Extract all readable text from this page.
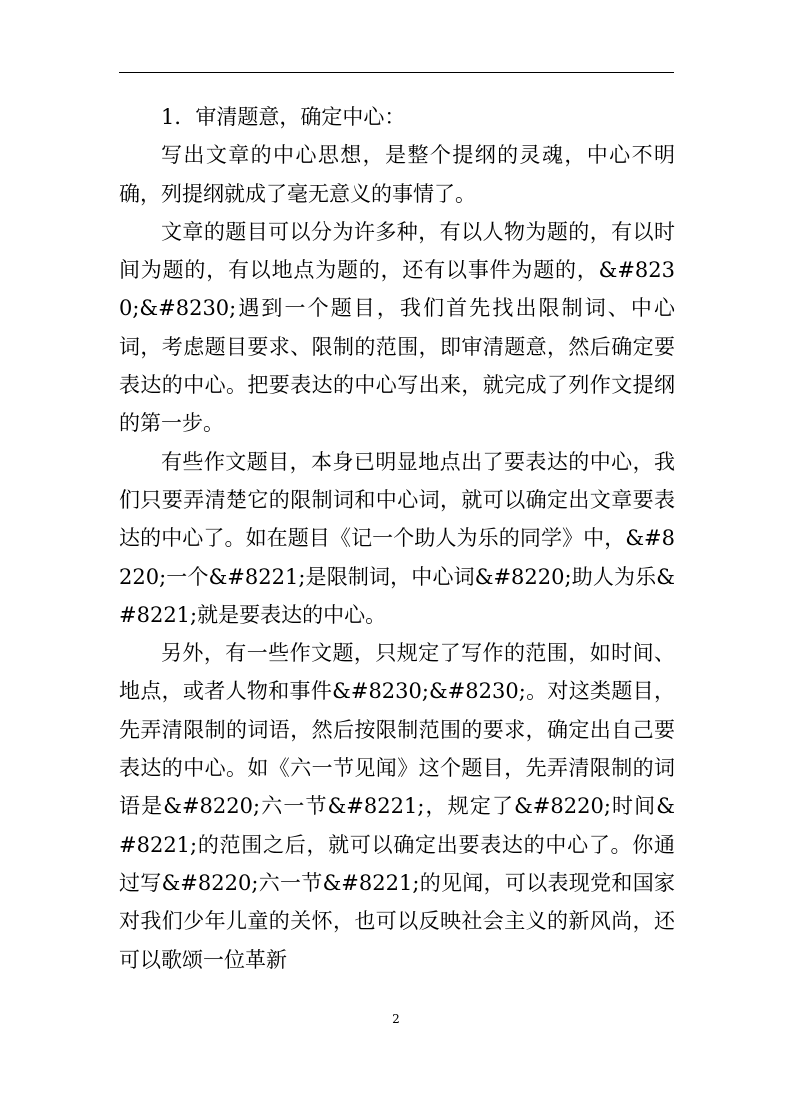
1．审清题意，确定中心：

写出文章的中心思想，是整个提纲的灵魂，中心不明确，列提纲就成了毫无意义的事情了。

文章的题目可以分为许多种，有以人物为题的，有以时间为题的，有以地点为题的，还有以事件为题的，&#8230;&#8230;遇到一个题目，我们首先找出限制词、中心词，考虑题目要求、限制的范围，即审清题意，然后确定要表达的中心。把要表达的中心写出来，就完成了列作文提纲的第一步。

有些作文题目，本身已明显地点出了要表达的中心，我们只要弄清楚它的限制词和中心词，就可以确定出文章要表达的中心了。如在题目《记一个助人为乐的同学》中，&#8220;一个&#8221;是限制词，中心词&#8220;助人为乐&#8221;就是要表达的中心。

另外，有一些作文题，只规定了写作的范围，如时间、地点，或者人物和事件&#8230;&#8230;。对这类题目，先弄清限制的词语，然后按限制范围的要求，确定出自己要表达的中心。如《六一节见闻》这个题目，先弄清限制的词语是&#8220;六一节&#8221;，规定了&#8220;时间&#8221;的范围之后，就可以确定出要表达的中心了。你通过写&#8220;六一节&#8221;的见闻，可以表现党和国家对我们少年儿童的关怀，也可以反映社会主义的新风尚，还可以歌颂一位革新

2
